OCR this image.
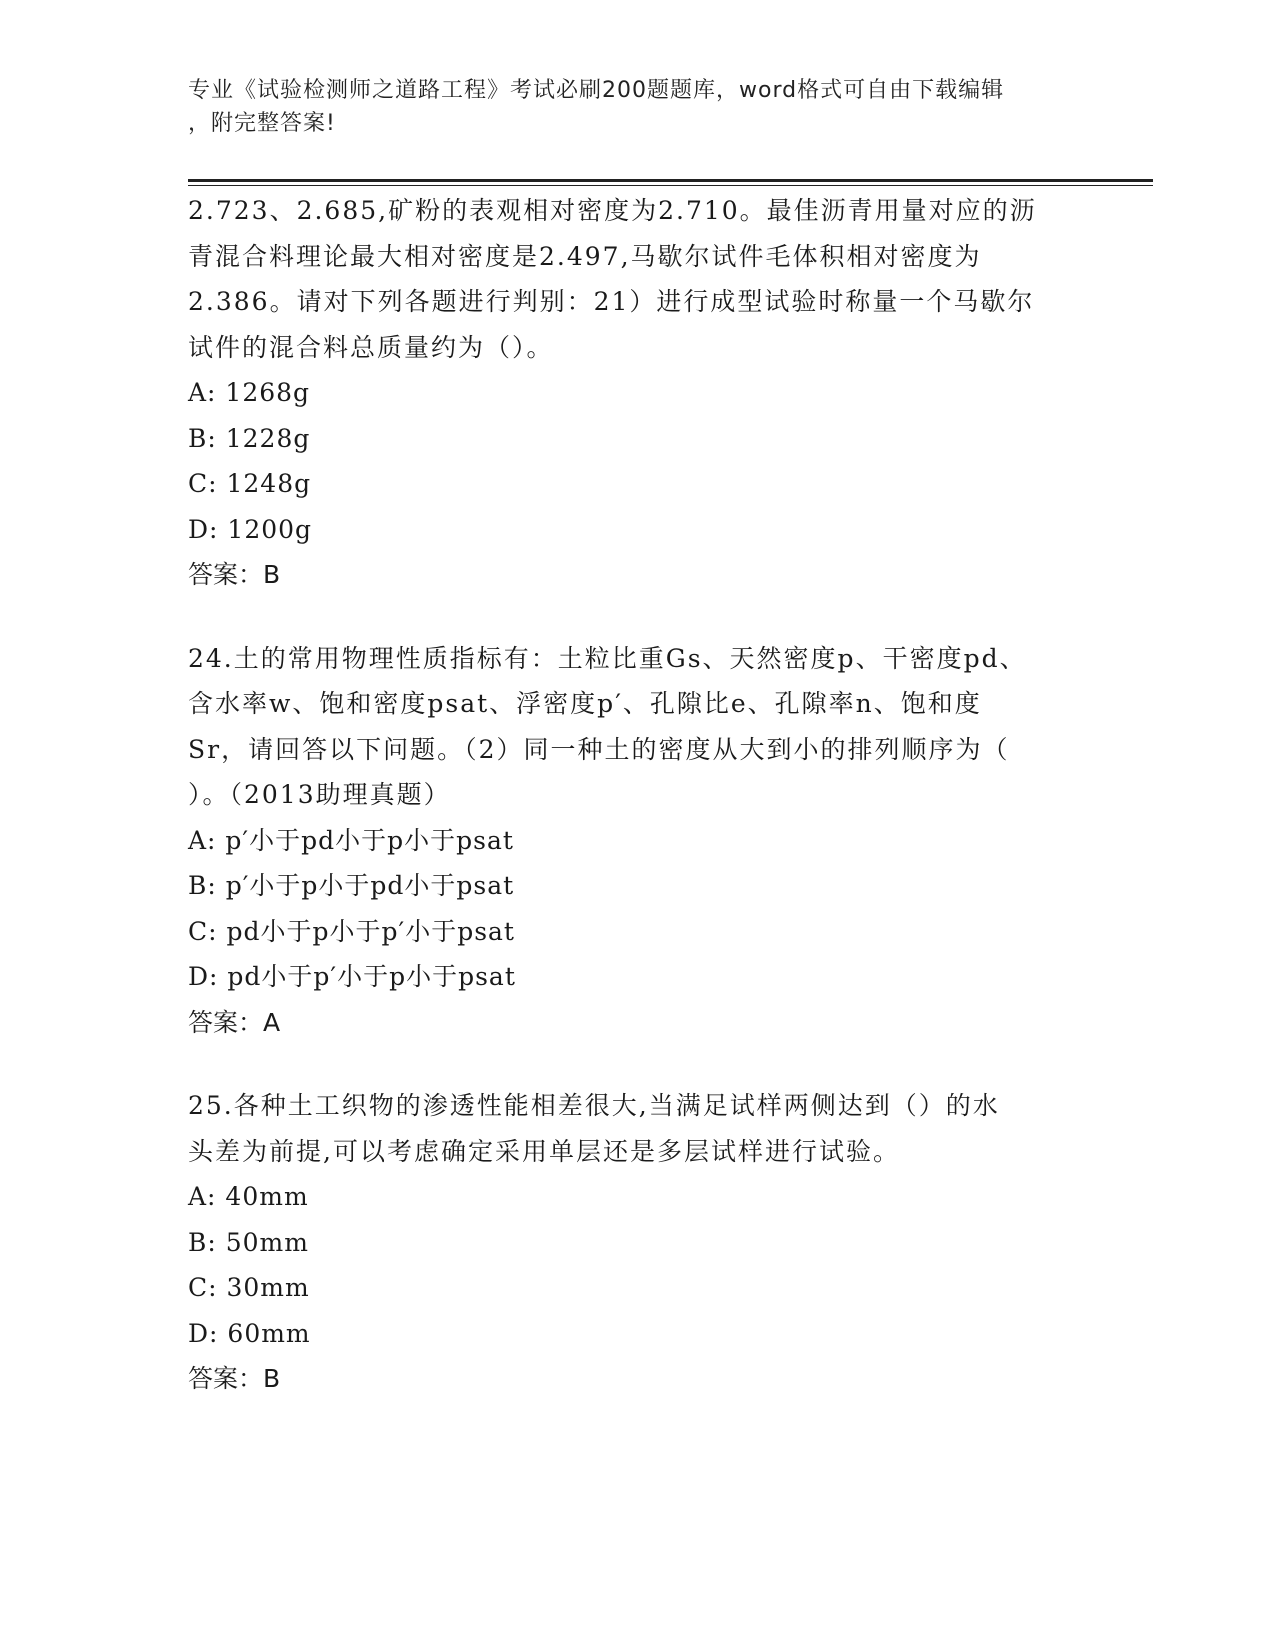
专业《试验检测师之道路工程》考试必刷200题题库，word格式可自由下载编辑
，附完整答案!

2.723、2.685,矿粉的表观相对密度为2.710。最佳沥青用量对应的沥

青混合料理论最大相对密度是2.497,马歇尔试件毛体积相对密度为

2.386。请对下列各题进行判别：21）进行成型试验时称量一个马歇尔

试件的混合料总质量约为（）。

A: 1268g

B: 1228g

C: 1248g

D: 1200g

答案：B

24.土的常用物理性质指标有：土粒比重Gs、天然密度p、干密度pd、

含水率w、饱和密度psat、浮密度p′、孔隙比e、孔隙率n、饱和度

Sr，请回答以下问题。（2）同一种土的密度从大到小的排列顺序为（

）。（2013助理真题）

A: p′小于pd小于p小于psat

B: p′小于p小于pd小于psat

C: pd小于p小于p′小于psat

D: pd小于p′小于p小于psat

答案：A

25.各种土工织物的渗透性能相差很大,当满足试样两侧达到（）的水

头差为前提,可以考虑确定采用单层还是多层试样进行试验。

A: 40mm

B: 50mm

C: 30mm

D: 60mm

答案：B
